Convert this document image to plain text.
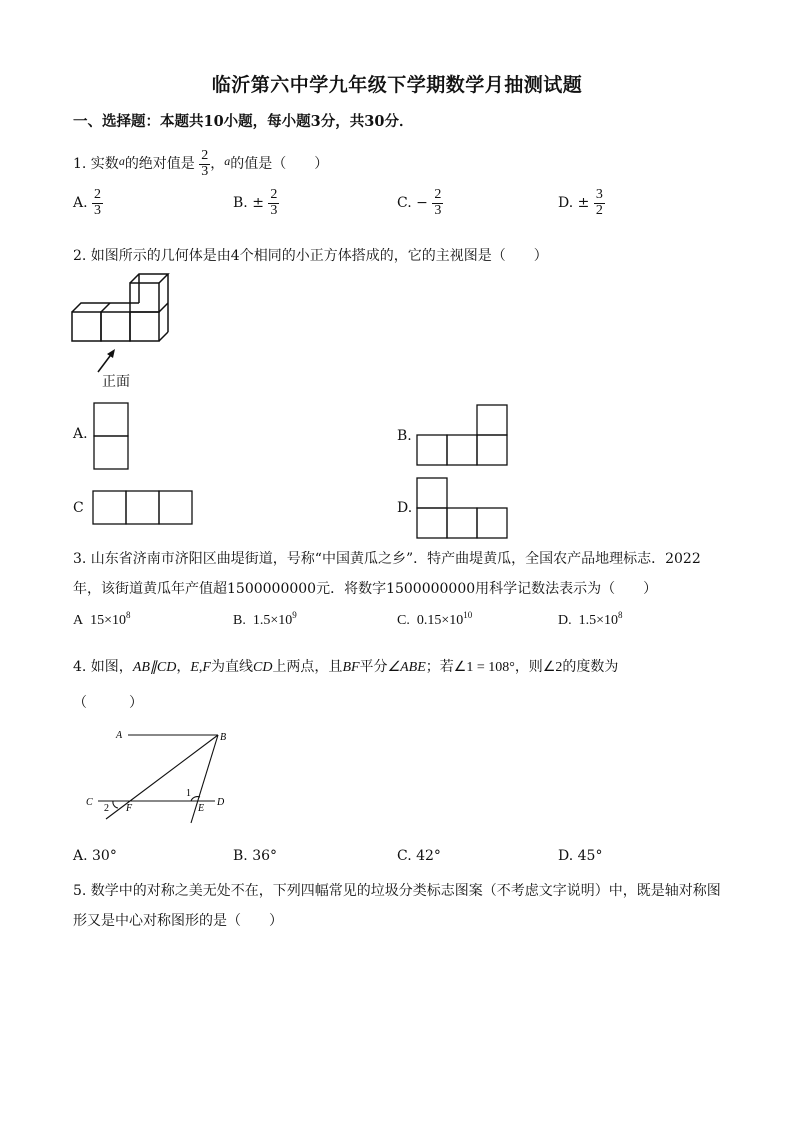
临沂第六中学九年级下学期数学月抽测试题
一、选择题：本题共10小题，每小题3分，共30分．
1. 实数a的绝对值是 $\frac{2}{3}$ ，a的值是（　　）
A. $\frac{2}{3}$	B. ± $\frac{2}{3}$	C. − $\frac{2}{3}$	D. ± $\frac{3}{2}$
2. 如图所示的几何体是由4个相同的小正方体搭成的，它的主视图是（　　）
正面
A.	B.
C	D.
3. 山东省济南市济阳区曲堤街道，号称“中国黄瓜之乡”．特产曲堤黄瓜，全国农产品地理标志．2022
年，该街道黄瓜年产值超1500000000元．将数字1500000000用科学记数法表示为（　　）
A $15\times 10^8$	B. $1.5\times 10^9$	C. $0.15\times 10^{10}$	D. $1.5\times 10^8$
4. 如图，AB∥CD，E,F为直线CD上两点，且BF平分∠ABE；若∠1 = 108°，则∠2的度数为
（　　　）
A	B
C	D
E
F
1
2
A. 30°	B. 36°	C. 42°	D. 45°
5. 数学中的对称之美无处不在，下列四幅常见的垃圾分类标志图案（不考虑文字说明）中，既是轴对称图
形又是中心对称图形的是（　　）
